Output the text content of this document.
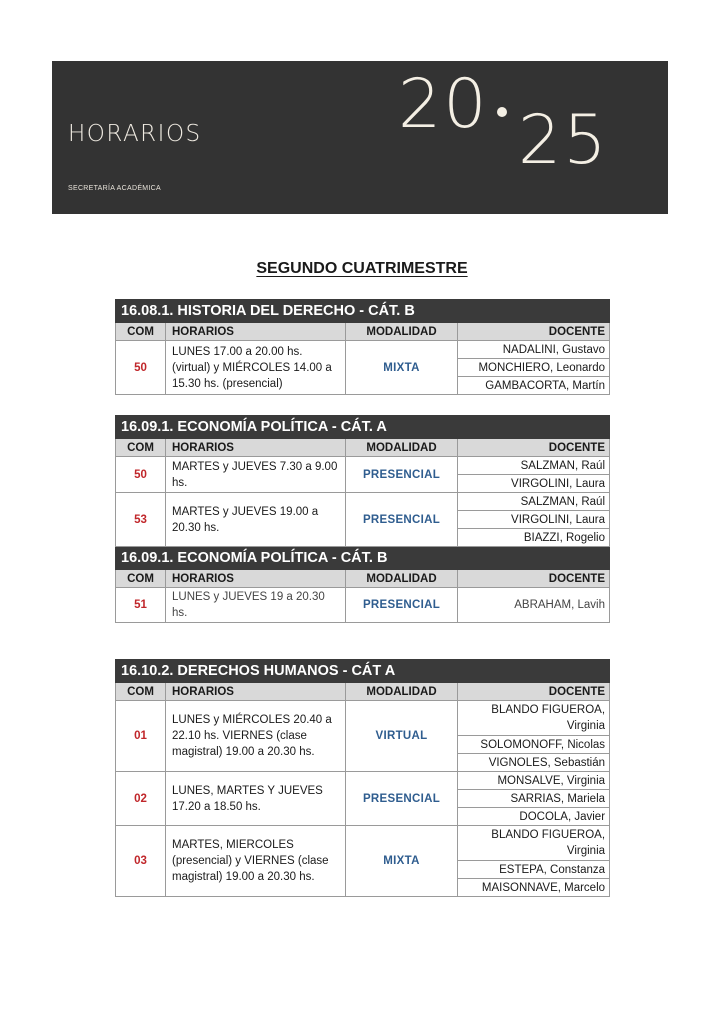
HORARIOS
SECRETARÍA ACADÉMICA
20 25
SEGUNDO CUATRIMESTRE
16.08.1. HISTORIA DEL DERECHO - CÁT. B			
COM	HORARIOS	MODALIDAD	DOCENTE
50	LUNES 17.00 a 20.00 hs. (virtual) y MIÉRCOLES 14.00 a 15.30 hs. (presencial)	MIXTA	NADALINI, Gustavo
			MONCHIERO, Leonardo
			GAMBACORTA, Martín
16.09.1. ECONOMÍA POLÍTICA - CÁT. A			
COM	HORARIOS	MODALIDAD	DOCENTE
50	MARTES y JUEVES 7.30 a 9.00 hs.	PRESENCIAL	SALZMAN, Raúl
			VIRGOLINI, Laura
53	MARTES y JUEVES 19.00 a 20.30 hs.	PRESENCIAL	SALZMAN, Raúl
			VIRGOLINI, Laura
			BIAZZI, Rogelio
16.09.1. ECONOMÍA POLÍTICA - CÁT. B			
COM	HORARIOS	MODALIDAD	DOCENTE
51	LUNES y JUEVES 19 a 20.30 hs.	PRESENCIAL	ABRAHAM, Lavih
16.10.2. DERECHOS HUMANOS - CÁT A			
COM	HORARIOS	MODALIDAD	DOCENTE
01	LUNES y MIÉRCOLES 20.40 a 22.10 hs. VIERNES (clase magistral) 19.00 a 20.30 hs.	VIRTUAL	BLANDO FIGUEROA, Virginia
			SOLOMONOFF, Nicolas
			VIGNOLES, Sebastián
02	LUNES, MARTES Y JUEVES 17.20 a 18.50 hs.	PRESENCIAL	MONSALVE, Virginia
			SARRIAS, Mariela
			DOCOLA, Javier
03	MARTES, MIERCOLES (presencial) y VIERNES (clase magistral) 19.00 a 20.30 hs.	MIXTA	BLANDO FIGUEROA, Virginia
			ESTEPA, Constanza
			MAISONNAVE, Marcelo
